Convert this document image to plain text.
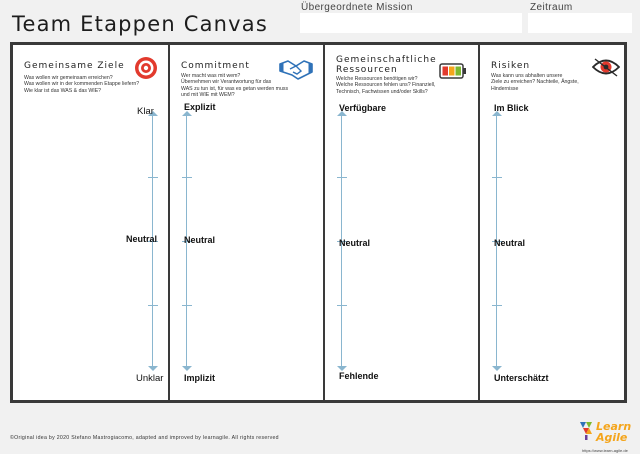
Team Etappen Canvas
Übergeordnete Mission	Zeitraum
Gemeinsame Ziele
Was wollen wir gemeinsam erreichen?
Was wollen wir in der kommenden Etappe liefern?
Wie klar ist das WAS & das WIE?
Klar
Neutral
Unklar
Commitment
Wer macht was mit wem?
Übernehmen wir Verantwortung für das
WAS zu tun ist, für was es getan werden muss
und mit WIE mit WEM?
Explizit
Neutral
Implizit
Gemeinschaftliche
Ressourcen
Welche Ressourcen benötigen wir?
Welche Ressourcen fehlen uns? Finanziell,
Technisch, Fachwissen und/oder Skills?
Verfügbare
Neutral
Fehlende
Risiken
Was kann uns abhalten unsere
Ziele zu erreichen? Nachteile, Ängste,
Hindernisse
Im Blick
Neutral
Unterschätzt
©Original idea by 2020 Stefano Mastrogiacomo, adapted and improved by learnagile. All rights reserved
Learn
Agile
https://www.learn-agile.de
